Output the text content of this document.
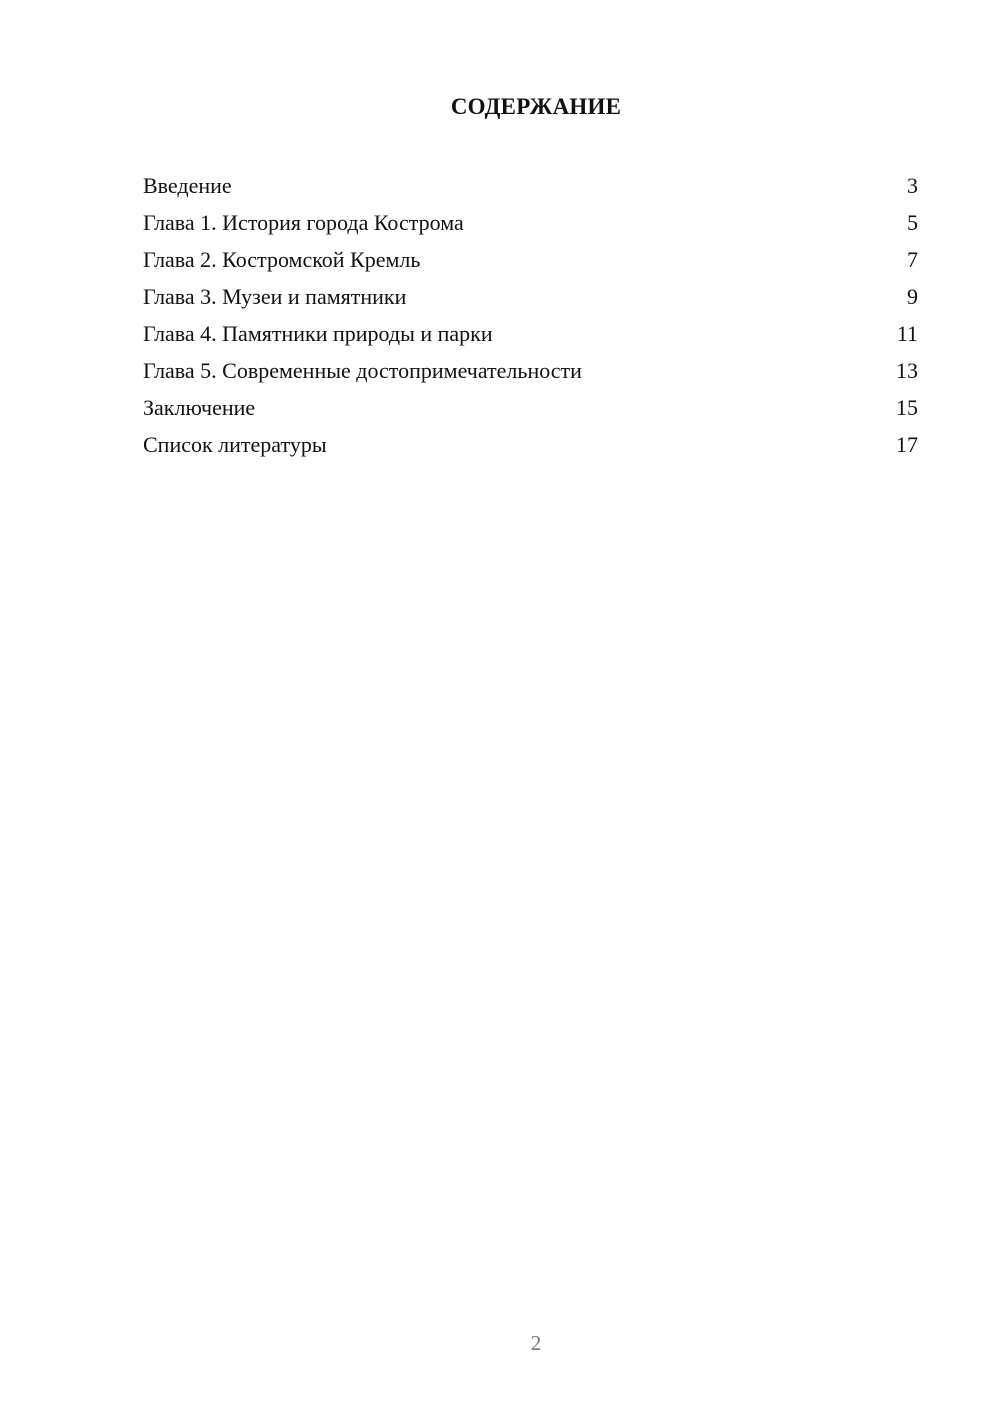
СОДЕРЖАНИЕ
Введение	3
Глава 1. История города Кострома	5
Глава 2. Костромской Кремль	7
Глава 3. Музеи и памятники	9
Глава 4. Памятники природы и парки	11
Глава 5. Современные достопримечательности	13
Заключение	15
Список литературы	17
2
